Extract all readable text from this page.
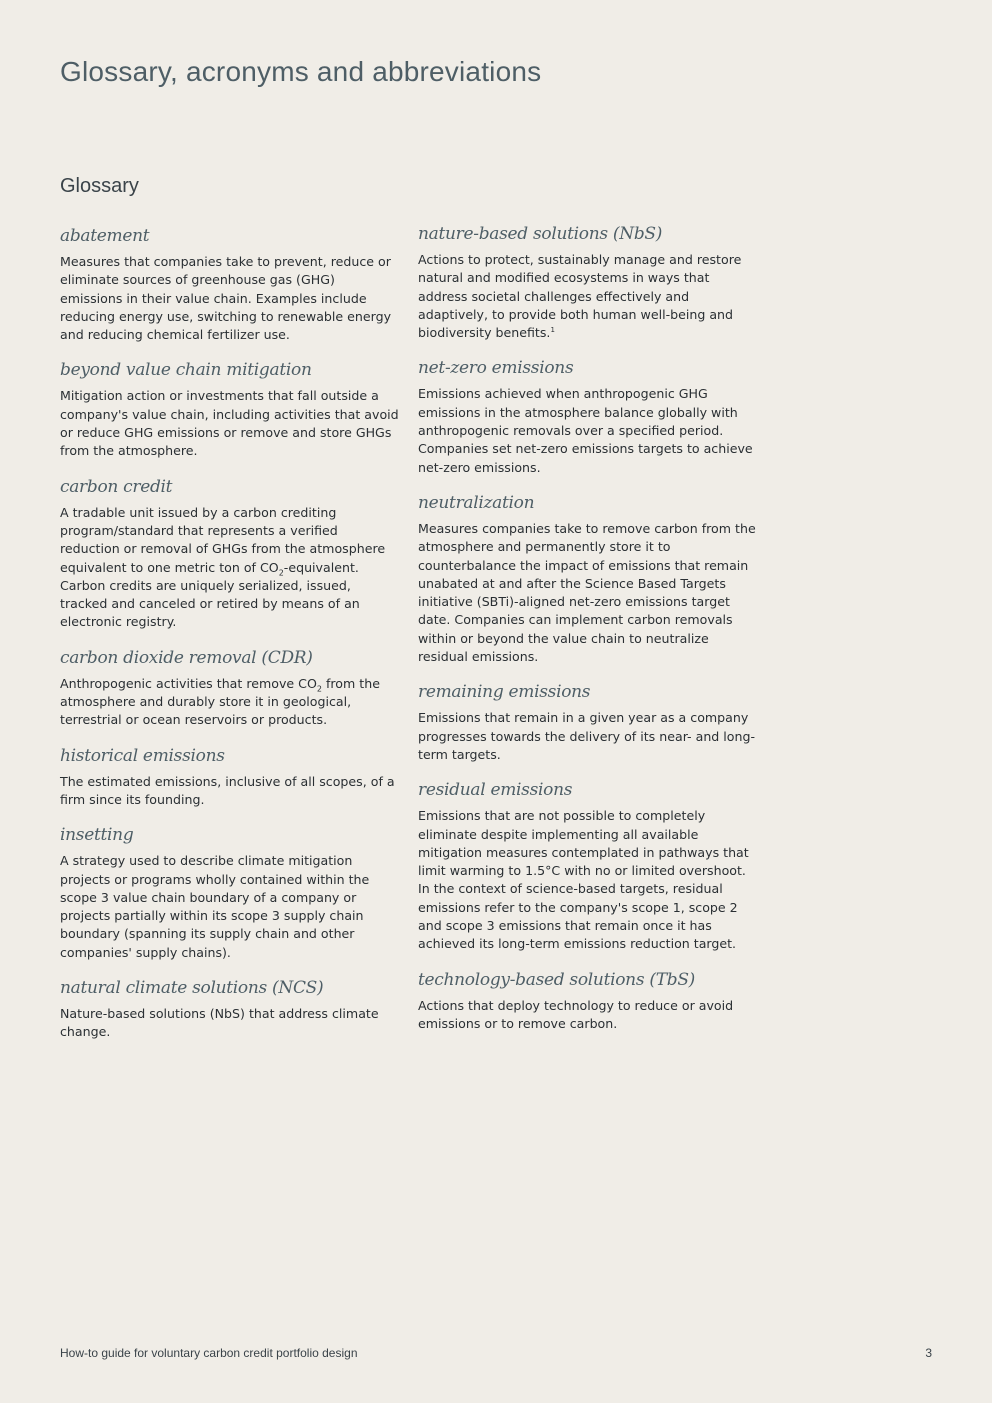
Glossary, acronyms and abbreviations
Glossary
abatement

Measures that companies take to prevent, reduce or eliminate sources of greenhouse gas (GHG) emissions in their value chain. Examples include reducing energy use, switching to renewable energy and reducing chemical fertilizer use.

beyond value chain mitigation

Mitigation action or investments that fall outside a company's value chain, including activities that avoid or reduce GHG emissions or remove and store GHGs from the atmosphere.

carbon credit

A tradable unit issued by a carbon crediting program/standard that represents a verified reduction or removal of GHGs from the atmosphere equivalent to one metric ton of $CO_2$-equivalent. Carbon credits are uniquely serialized, issued, tracked and canceled or retired by means of an electronic registry.

carbon dioxide removal (CDR)

Anthropogenic activities that remove $CO_2$ from the atmosphere and durably store it in geological, terrestrial or ocean reservoirs or products.

historical emissions

The estimated emissions, inclusive of all scopes, of a firm since its founding.

insetting

A strategy used to describe climate mitigation projects or programs wholly contained within the scope 3 value chain boundary of a company or projects partially within its scope 3 supply chain boundary (spanning its supply chain and other companies' supply chains).

natural climate solutions (NCS)

Nature-based solutions (NbS) that address climate change.

nature-based solutions (NbS)

Actions to protect, sustainably manage and restore natural and modified ecosystems in ways that address societal challenges effectively and adaptively, to provide both human well-being and biodiversity benefits.$^1$

net-zero emissions

Emissions achieved when anthropogenic GHG emissions in the atmosphere balance globally with anthropogenic removals over a specified period. Companies set net-zero emissions targets to achieve net-zero emissions.

neutralization

Measures companies take to remove carbon from the atmosphere and permanently store it to counterbalance the impact of emissions that remain unabated at and after the Science Based Targets initiative (SBTi)-aligned net-zero emissions target date. Companies can implement carbon removals within or beyond the value chain to neutralize residual emissions.

remaining emissions

Emissions that remain in a given year as a company progresses towards the delivery of its near- and long-term targets.

residual emissions

Emissions that are not possible to completely eliminate despite implementing all available mitigation measures contemplated in pathways that limit warming to 1.5°C with no or limited overshoot. In the context of science-based targets, residual emissions refer to the company's scope 1, scope 2 and scope 3 emissions that remain once it has achieved its long-term emissions reduction target.

technology-based solutions (TbS)

Actions that deploy technology to reduce or avoid emissions or to remove carbon.

How-to guide for voluntary carbon credit portfolio design	3
